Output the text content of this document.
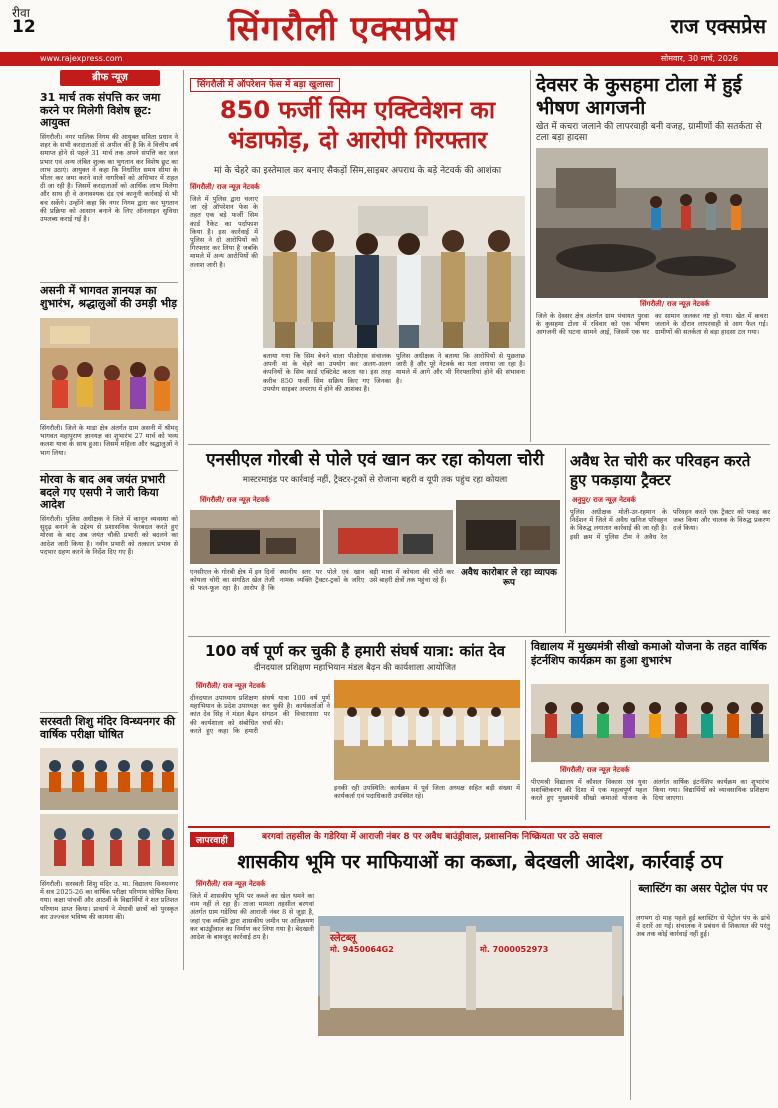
रीवा
12	सिंगरौली एक्सप्रेस	राज एक्सप्रेस
www.rajexpress.com	सोमवार, 30 मार्च, 2026
ब्रीफ न्यूज़
31 मार्च तक संपत्ति कर जमा करने पर मिलेगी विशेष छूट: आयुक्त
सिंगरौली। नगर पालिक निगम की आयुक्त सविता प्रधान ने शहर के सभी करदाताओं से अपील की है कि वे वित्तीय वर्ष समाप्त होने से पहले 31 मार्च तक अपने संपत्ति कर जल प्रभार एवं अन्य लंबित शुल्क का भुगतान कर विशेष छूट का लाभ उठाएं। आयुक्त ने कहा कि निर्धारित समय सीमा के भीतर कर जमा करने वाले नागरिकों को अधिभार में राहत दी जा रही है। जिसमें करदाताओं को आर्थिक लाभ मिलेगा और साथ ही वे अनावश्यक दंड एवं कानूनी कार्रवाई से भी बच सकेंगे। उन्होंने कहा कि नगर निगम द्वारा कर भुगतान की प्रक्रिया को आसान बनाने के लिए ऑनलाइन सुविधा उपलब्ध कराई गई है।
असनी में भागवत ज्ञानयज्ञ का शुभारंभ, श्रद्धालुओं की उमड़ी भीड़
सिंगरौली। जिले के माडा क्षेत्र अंतर्गत ग्राम असनी में श्रीमद् भागवत महापुराण ज्ञानयज्ञ का शुभारंभ 27 मार्च को भव्य कलश यात्रा के साथ हुआ। जिसमें महिला और श्रद्धालुओं ने भाग लिया।
मोरवा के बाद अब जयंत प्रभारी बदले गए एसपी ने जारी किया आदेश
सिंगरौली। पुलिस अधीक्षक ने जिले में कानून व्यवस्था को सुदृढ़ बनाने के उद्देश्य से प्रशासनिक फेरबदल करते हुए मोरवा के बाद अब जयंत चौकी प्रभारी को बदलने का आदेश जारी किया है। नवीन प्रभारी को तत्काल प्रभाव से पदभार ग्रहण करने के निर्देश दिए गए हैं।
सरस्वती शिशु मंदिर विन्ध्यनगर की वार्षिक परीक्षा घोषित
सिंगरौली। सरस्वती शिशु मंदिर उ. मा. विद्यालय विन्ध्यनगर में सत्र 2025-26 का वार्षिक परीक्षा परिणाम घोषित किया गया। कक्षा पांचवीं और आठवीं के विद्यार्थियों ने शत प्रतिशत परिणाम प्राप्त किया। प्राचार्य ने मेधावी छात्रों को पुरस्कृत कर उज्ज्वल भविष्य की कामना की।
सिंगरौली में ऑपरेशन फेस में बड़ा खुलासा
850 फर्जी सिम एक्टिवेशन का भंडाफोड़, दो आरोपी गिरफ्तार
मां के चेहरे का इस्तेमाल कर बनाए सैकड़ों सिम,साइबर अपराध के बड़े नेटवर्क की आशंका
सिंगरौली/ राज न्यूज़ नेटवर्क
जिले में पुलिस द्वारा चलाए जा रहे ऑपरेशन फेस के तहत एक बड़े फर्जी सिम कार्ड रैकेट का पर्दाफाश किया है। इस कार्रवाई में पुलिस ने दो आरोपियों को गिरफ्तार कर लिया है जबकि मामले में अन्य आरोपियों की तलाश जारी है।
बताया गया कि सिम बेचने वाला पीओएस संचालक अपनी मां के चेहरे का उपयोग कर अलग-अलग कंपनियों के सिम कार्ड एक्टिवेट करता था। इस तरह करीब 850 फर्जी सिम सक्रिय किए गए जिनका उपयोग साइबर अपराध में होने की आशंका है।
पुलिस अधीक्षक ने बताया कि आरोपियों से पूछताछ जारी है और पूरे नेटवर्क का पता लगाया जा रहा है। मामले में आगे और भी गिरफ्तारियां होने की संभावना है।
देवसर के कुसहमा टोला में हुई भीषण आगजनी
खेत में कचरा जलाने की लापरवाही बनी वजह, ग्रामीणों की सतर्कता से टला बड़ा हादसा
सिंगरौली/ राज न्यूज़ नेटवर्क
जिले के देवसर क्षेत्र अंतर्गत ग्राम पंचायत पुरवा के कुसहमा टोला में रविवार को एक भीषण आगजनी की घटना सामने आई, जिसमें एक घर का सामान जलकर नष्ट हो गया। खेत में कचरा जलाने के दौरान लापरवाही से आग फैल गई। ग्रामीणों की सतर्कता से बड़ा हादसा टल गया।
एनसीएल गोरबी से पोले एवं खान कर रहा कोयला चोरी
मास्टरमाइंड पर कार्रवाई नहीं, ट्रैक्टर-ट्रकों से रोजाना बहरी व यूपी तक पहुंच रहा कोयला
सिंगरौली/ राज न्यूज़ नेटवर्क
एनसीएल के गोरबी क्षेत्र में इन दिनों कोयला चोरी का संगठित खेल तेजी से फल-फूल रहा है। आरोप है कि स्थानीय स्तर पर पोले एवं खान नामक व्यक्ति ट्रैक्टर-ट्रकों के जरिए बड़ी मात्रा में कोयला की चोरी कर उसे बाहरी क्षेत्रों तक पहुंचा रहे हैं।
अवैध कारोबार ले रहा व्यापक रूप
अवैध रेत चोरी कर परिवहन करते हुए पकड़ाया ट्रैक्टर
अनुपुर/ राज न्यूज़ नेटवर्क
पुलिस अधीक्षक मोती-उर-रहमान के निर्देशन में जिले में अवैध खनिज परिवहन के विरुद्ध लगातार कार्रवाई की जा रही है। इसी क्रम में पुलिस टीम ने अवैध रेत परिवहन करते एक ट्रैक्टर को पकड़ कर जब्त किया और चालक के विरुद्ध प्रकरण दर्ज किया।
100 वर्ष पूर्ण कर चुकी है हमारी संघर्ष यात्रा: कांत देव
दीनदयाल प्रशिक्षण महाभियान मंडल बैढ़न की कार्यशाला आयोजित
सिंगरौली/ राज न्यूज़ नेटवर्क
दीनदयाल उपाध्याय प्रशिक्षण महाभियान के प्रदेश उपाध्यक्ष कांत देव सिंह ने मंडल बैढ़न की कार्यशाला को संबोधित करते हुए कहा कि हमारी संघर्ष यात्रा 100 वर्ष पूर्ण कर चुकी है। कार्यकर्ताओं ने संगठन की विचारधारा पर चर्चा की।
इनकी रही उपस्थिति: कार्यक्रम में पूर्व जिला अध्यक्ष सहित बड़ी संख्या में कार्यकर्ता एवं पदाधिकारी उपस्थित रहे।
विद्यालय में मुख्यमंत्री सीखो कमाओ योजना के तहत वार्षिक इंटर्नशिप कार्यक्रम का हुआ शुभारंभ
सिंगरौली/ राज न्यूज़ नेटवर्क
पीएमश्री विद्यालय में कौशल विकास एवं युवा सशक्तिकरण की दिशा में एक महत्वपूर्ण पहल करते हुए मुख्यमंत्री सीखो कमाओ योजना के अंतर्गत वार्षिक इंटर्नशिप कार्यक्रम का शुभारंभ किया गया। विद्यार्थियों को व्यावसायिक प्रशिक्षण दिया जाएगा।
लापरवाही	बरगवां तहसील के गडेरिया में आराजी नंबर 8 पर अवैध बाउंड्रीवाल, प्रशासनिक निष्क्रियता पर उठे सवाल
शासकीय भूमि पर माफियाओं का कब्जा, बेदखली आदेश, कार्रवाई ठप
सिंगरौली/ राज न्यूज़ नेटवर्क
जिले में शासकीय भूमि पर कब्जे का खेल थमने का नाम नहीं ले रहा है। ताजा मामला तहसील बरगवां अंतर्गत ग्राम गडेरिया की आराजी नंबर 8 से जुड़ा है, जहां एक व्यक्ति द्वारा शासकीय जमीन पर अतिक्रमण कर बाउंड्रीवाल का निर्माण कर लिया गया है। बेदखली आदेश के बावजूद कार्रवाई ठप है।	स्लेटब्लू
मो. 9450064G2	मो. 7000052973
ब्लास्टिंग का असर पेट्रोल पंप पर
लगभग दो माह पहले हुई ब्लास्टिंग से पेट्रोल पंप के ढांचे में दरारें आ गईं। संचालक ने प्रबंधन से शिकायत की परंतु अब तक कोई कार्रवाई नहीं हुई।
